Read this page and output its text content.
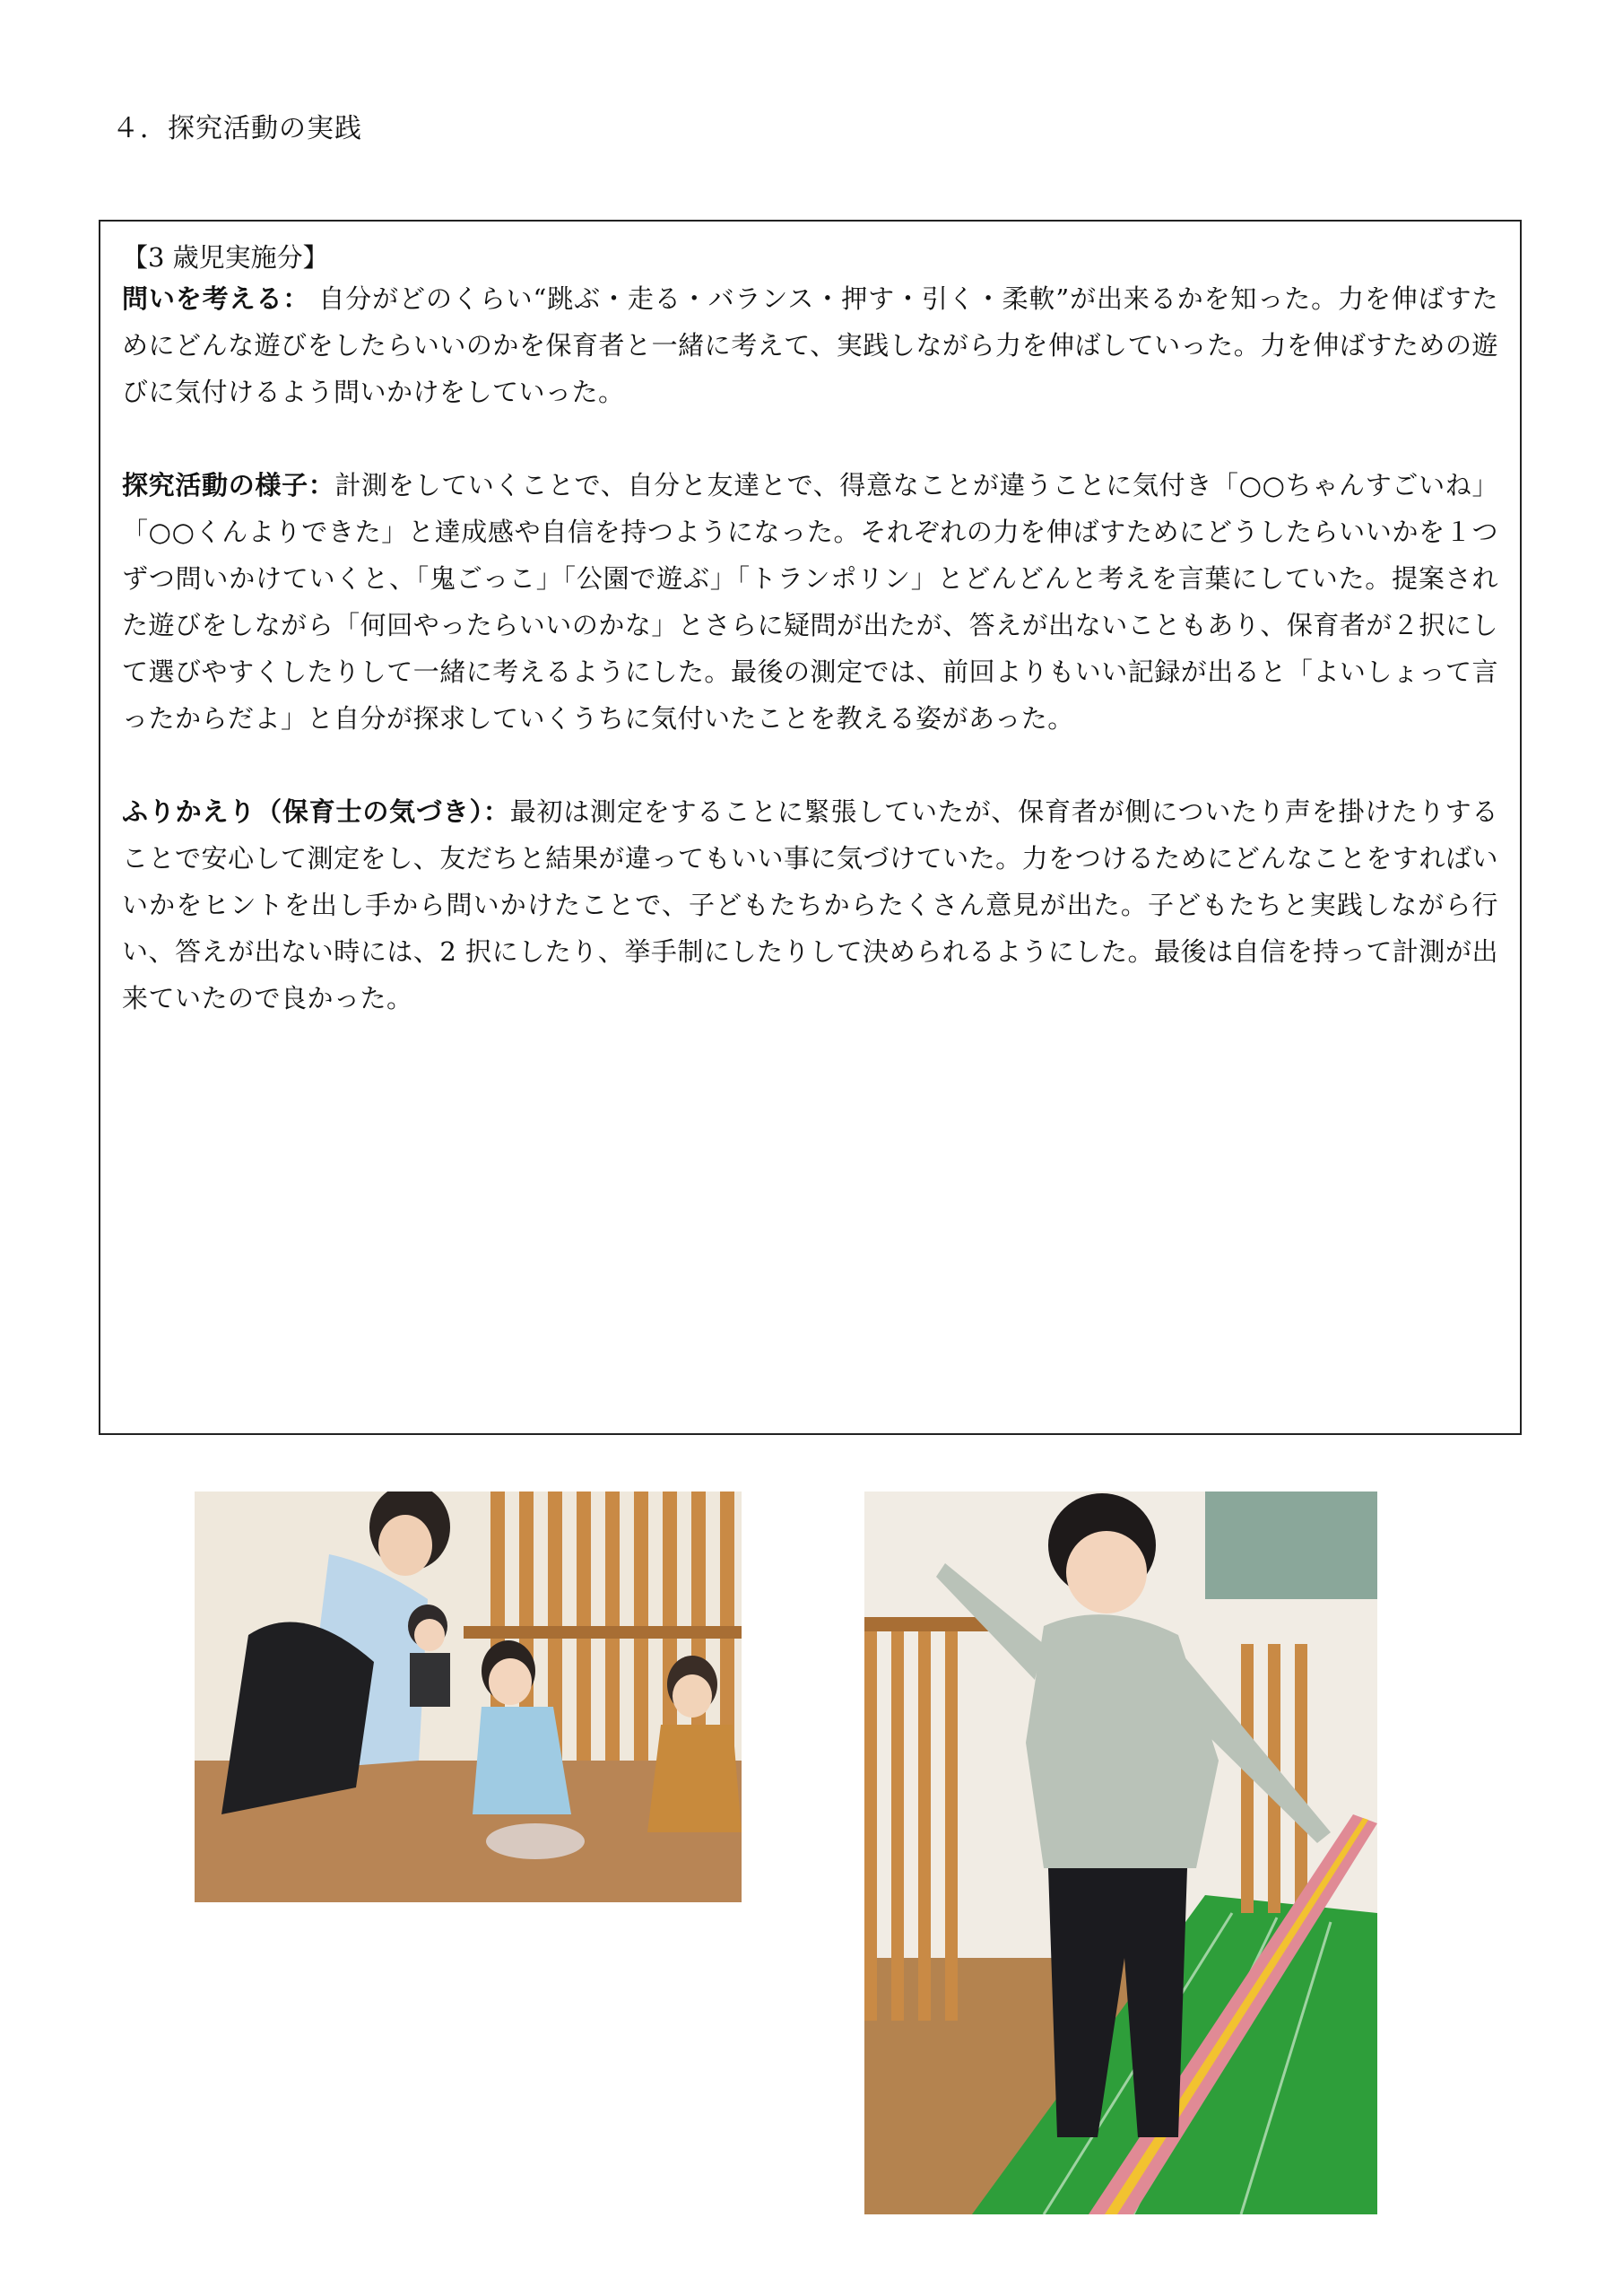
４．探究活動の実践

【3 歳児実施分】

問いを考える： 自分がどのくらい“跳ぶ・走る・バランス・押す・引く・柔軟”が出来るかを知った。力を伸ばすためにどんな遊びをしたらいいのかを保育者と一緒に考えて、実践しながら力を伸ばしていった。力を伸ばすための遊びに気付けるよう問いかけをしていった。

探究活動の様子：計測をしていくことで、自分と友達とで、得意なことが違うことに気付き「○○ちゃんすごいね」「○○くんよりできた」と達成感や自信を持つようになった。それぞれの力を伸ばすためにどうしたらいいかを１つずつ問いかけていくと、「鬼ごっこ」「公園で遊ぶ」「トランポリン」とどんどんと考えを言葉にしていた。提案された遊びをしながら「何回やったらいいのかな」とさらに疑問が出たが、答えが出ないこともあり、保育者が２択にして選びやすくしたりして一緒に考えるようにした。最後の測定では、前回よりもいい記録が出ると「よいしょって言ったからだよ」と自分が探求していくうちに気付いたことを教える姿があった。

ふりかえり（保育士の気づき）：最初は測定をすることに緊張していたが、保育者が側についたり声を掛けたりすることで安心して測定をし、友だちと結果が違ってもいい事に気づけていた。力をつけるためにどんなことをすればいいかをヒントを出し手から問いかけたことで、子どもたちからたくさん意見が出た。子どもたちと実践しながら行い、答えが出ない時には、2 択にしたり、挙手制にしたりして決められるようにした。最後は自信を持って計測が出来ていたので良かった。
